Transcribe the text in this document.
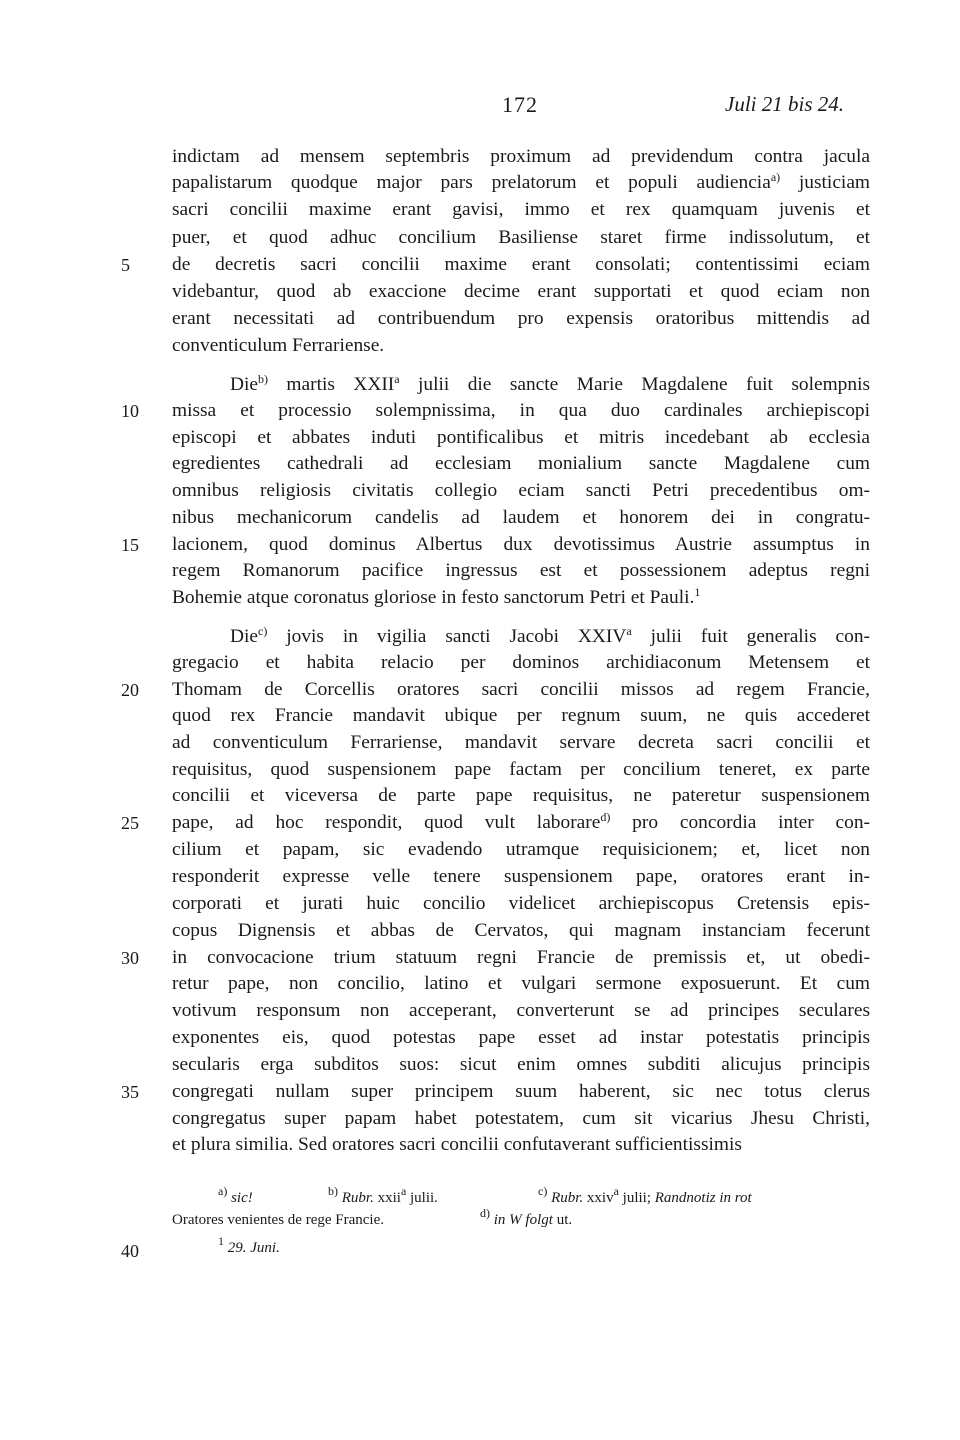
172	Juli 21 bis 24.
indictam ad mensem septembris proximum ad previdendum contra jacula
papalistarum quodque major pars prelatorum et populi audiencia$^{a)}$ justiciam
sacri concilii maxime erant gavisi, immo et rex quamquam juvenis et
puer, et quod adhuc concilium Basiliense staret firme indissolutum, et
de decretis sacri concilii maxime erant consolati; contentissimi eciam
videbantur, quod ab exaccione decime erant supportati et quod eciam non
erant necessitati ad contribuendum pro expensis oratoribus mittendis ad
conventiculum Ferrariense.
Die$^{b)}$ martis XXII$^a$ julii die sancte Marie Magdalene fuit solempnis
missa et processio solempnissima, in qua duo cardinales archiepiscopi
episcopi et abbates induti pontificalibus et mitris incedebant ab ecclesia
egredientes cathedrali ad ecclesiam monialium sancte Magdalene cum
omnibus religiosis civitatis collegio eciam sancti Petri precedentibus om-
nibus mechanicorum candelis ad laudem et honorem dei in congratu-
lacionem, quod dominus Albertus dux devotissimus Austrie assumptus in
regem Romanorum pacifice ingressus est et possessionem adeptus regni
Bohemie atque coronatus gloriose in festo sanctorum Petri et Pauli.$^1$
Die$^{c)}$ jovis in vigilia sancti Jacobi XXIV$^a$ julii fuit generalis con-
gregacio et habita relacio per dominos archidiaconum Metensem et
Thomam de Corcellis oratores sacri concilii missos ad regem Francie,
quod rex Francie mandavit ubique per regnum suum, ne quis accederet
ad conventiculum Ferrariense, mandavit servare decreta sacri concilii et
requisitus, quod suspensionem pape factam per concilium teneret, ex parte
concilii et viceversa de parte pape requisitus, ne pateretur suspensionem
pape, ad hoc respondit, quod vult laborare$^{d)}$ pro concordia inter con-
cilium et papam, sic evadendo utramque requisicionem; et, licet non
responderit expresse velle tenere suspensionem pape, oratores erant in-
corporati et jurati huic concilio videlicet archiepiscopus Cretensis epis-
copus Dignensis et abbas de Cervatos, qui magnam instanciam fecerunt
in convocacione trium statuum regni Francie de premissis et, ut obedi-
retur pape, non concilio, latino et vulgari sermone exposuerunt. Et cum
votivum responsum non acceperant, converterunt se ad principes seculares
exponentes eis, quod potestas pape esset ad instar potestatis principis
secularis erga subditos suos: sicut enim omnes subditi alicujus principis
congregati nullam super principem suum haberent, sic nec totus clerus
congregatus super papam habet potestatem, cum sit vicarius Jhesu Christi,
et plura similia. Sed oratores sacri concilii confutaverant sufficientissimis
5
10
15
20
25
30
35
40
$^{a)}$ sic!	$^{b)}$ Rubr. xxii$^a$ julii.	$^{c)}$ Rubr. xxiv$^a$ julii; Randnotiz in rot
Oratores venientes de rege Francie.	$^{d)}$ in W folgt ut.
$^1$ 29. Juni.
